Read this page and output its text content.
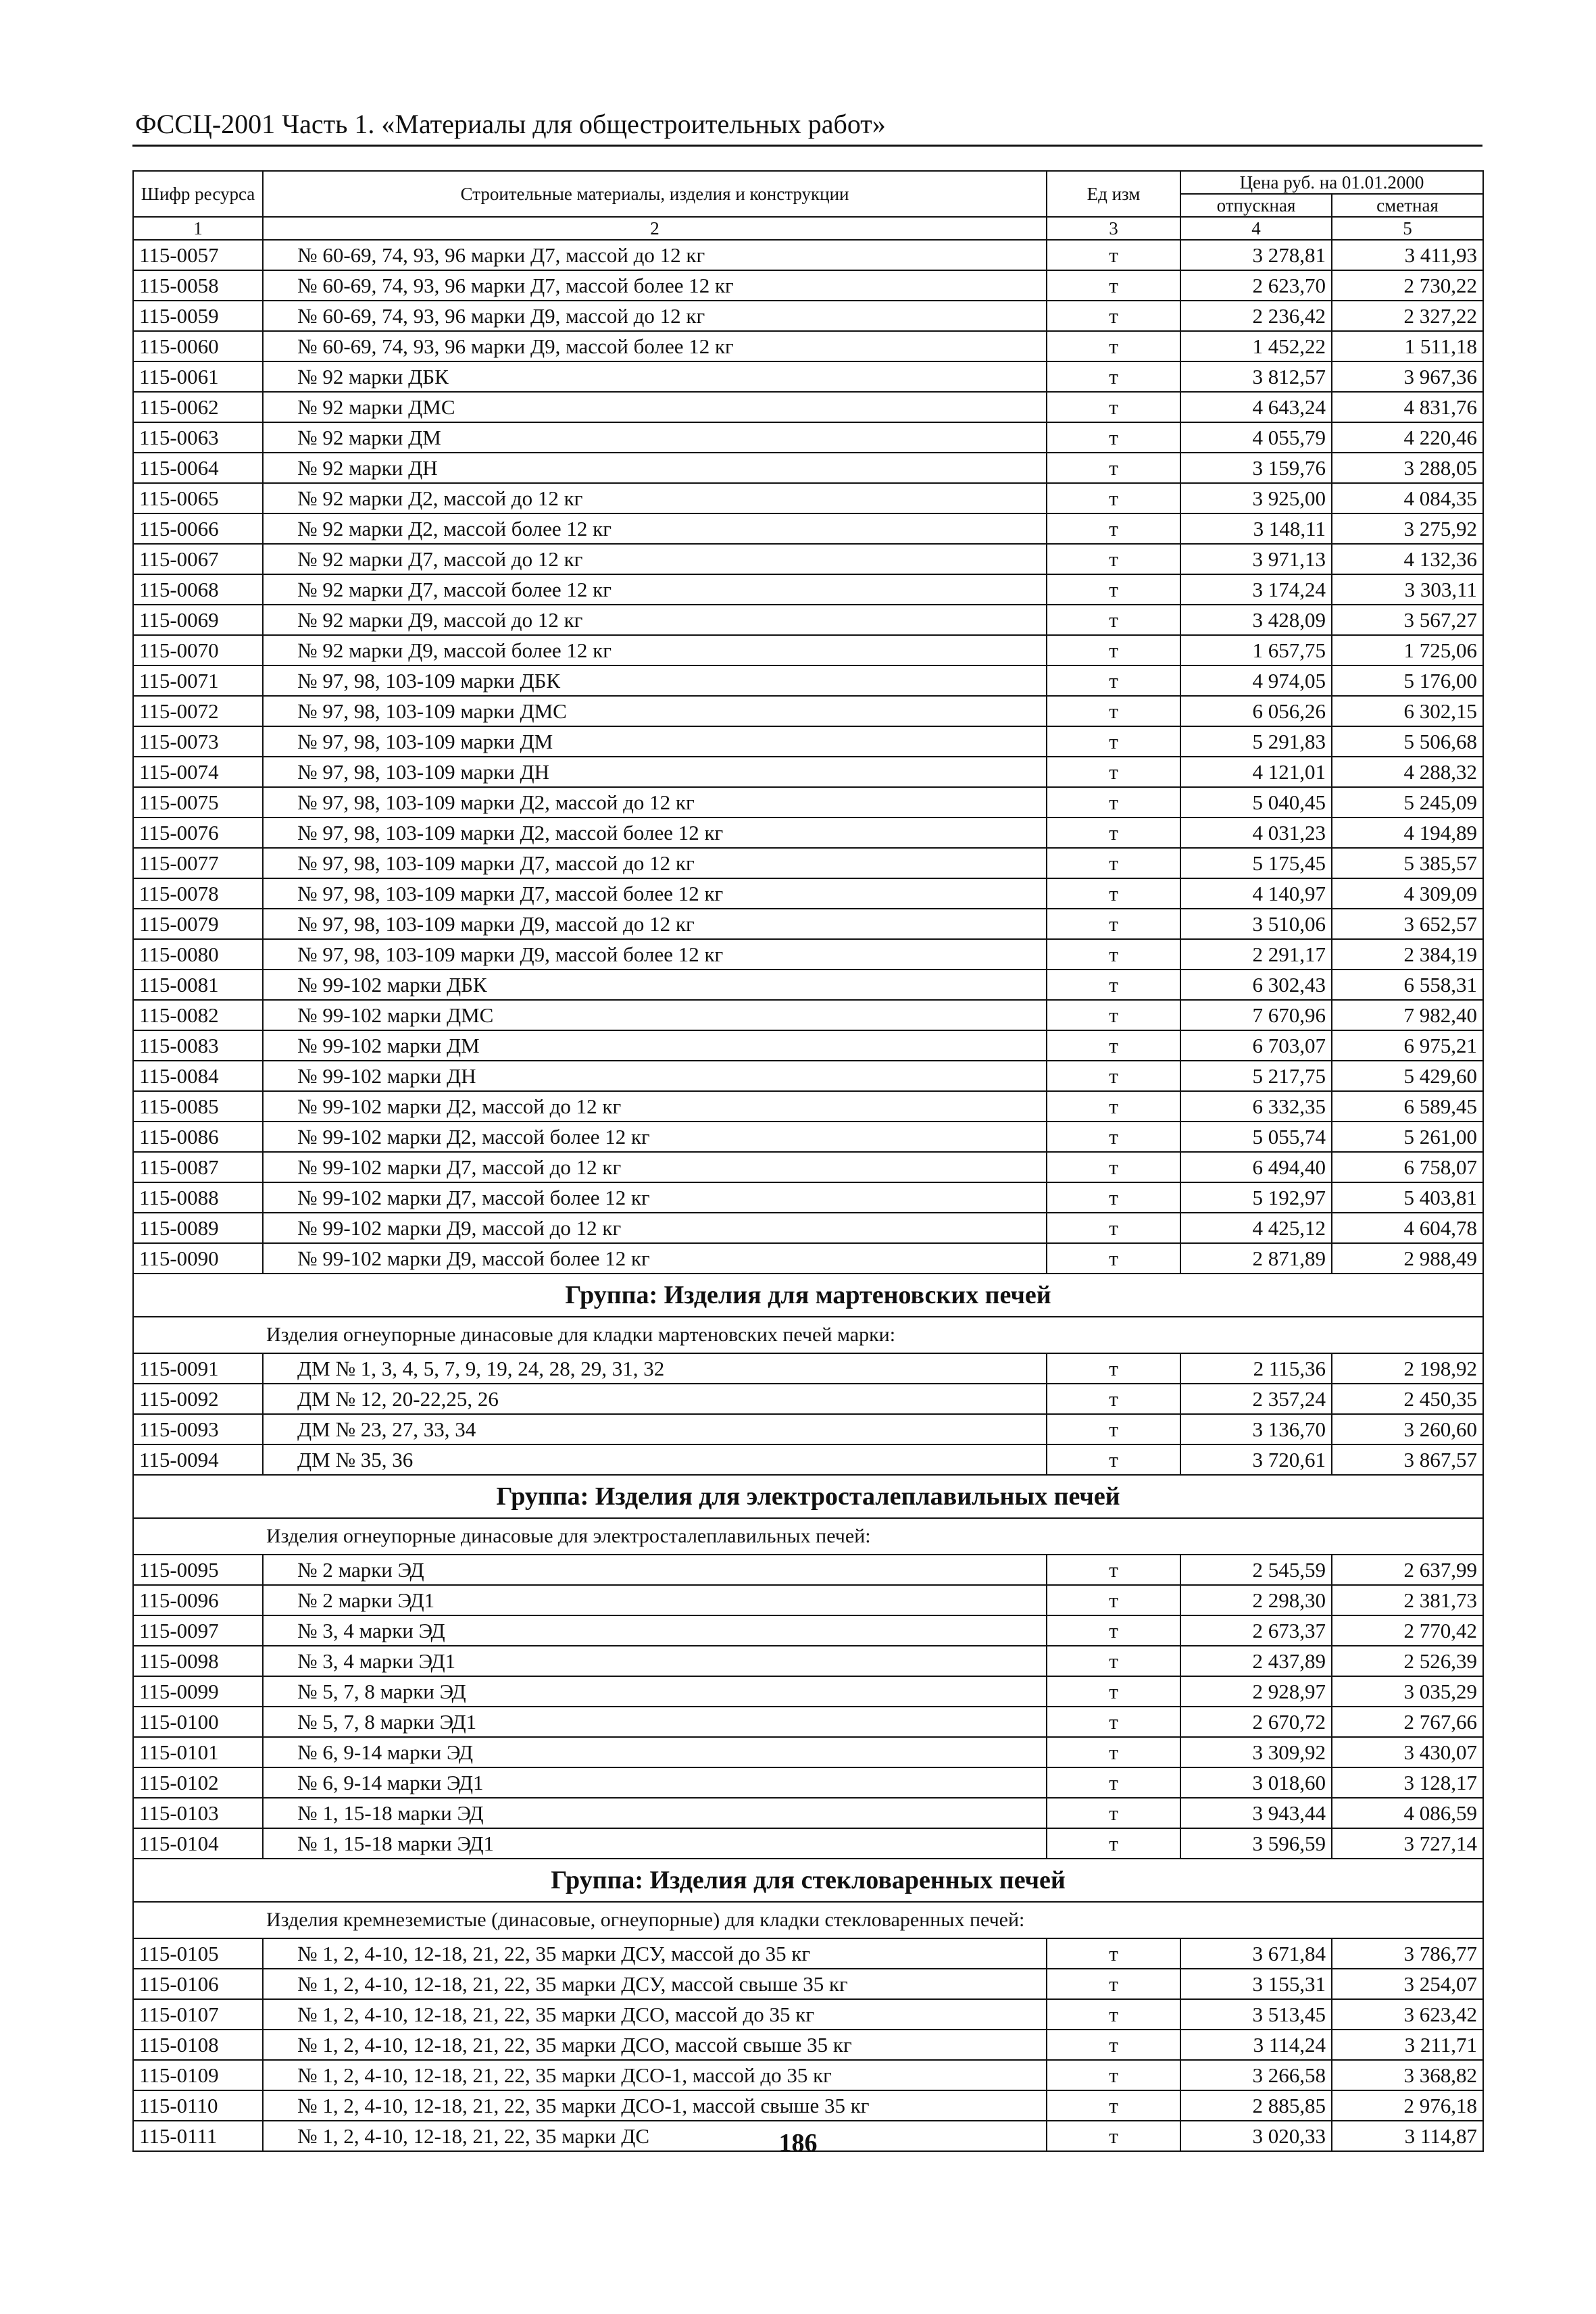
ФССЦ-2001 Часть 1. «Материалы для общестроительных работ»
Шифр ресурса	Строительные материалы, изделия и конструкции	Ед изм	Цена руб. на 01.01.2000	
			отпускная	сметная
1	2	3	4	5
115-0057	№ 60-69, 74, 93, 96 марки Д7, массой до 12 кг	т	3 278,81	3 411,93
115-0058	№ 60-69, 74, 93, 96 марки Д7, массой более 12 кг	т	2 623,70	2 730,22
115-0059	№ 60-69, 74, 93, 96 марки Д9, массой до 12 кг	т	2 236,42	2 327,22
115-0060	№ 60-69, 74, 93, 96 марки Д9, массой более 12 кг	т	1 452,22	1 511,18
115-0061	№ 92 марки ДБК	т	3 812,57	3 967,36
115-0062	№ 92 марки ДМС	т	4 643,24	4 831,76
115-0063	№ 92 марки ДМ	т	4 055,79	4 220,46
115-0064	№ 92 марки ДН	т	3 159,76	3 288,05
115-0065	№ 92 марки Д2, массой до 12 кг	т	3 925,00	4 084,35
115-0066	№ 92 марки Д2, массой более 12 кг	т	3 148,11	3 275,92
115-0067	№ 92 марки Д7, массой до 12 кг	т	3 971,13	4 132,36
115-0068	№ 92 марки Д7, массой более 12 кг	т	3 174,24	3 303,11
115-0069	№ 92 марки Д9, массой до 12 кг	т	3 428,09	3 567,27
115-0070	№ 92 марки Д9, массой более 12 кг	т	1 657,75	1 725,06
115-0071	№ 97, 98, 103-109 марки ДБК	т	4 974,05	5 176,00
115-0072	№ 97, 98, 103-109 марки ДМС	т	6 056,26	6 302,15
115-0073	№ 97, 98, 103-109 марки ДМ	т	5 291,83	5 506,68
115-0074	№ 97, 98, 103-109 марки ДН	т	4 121,01	4 288,32
115-0075	№ 97, 98, 103-109 марки Д2, массой до 12 кг	т	5 040,45	5 245,09
115-0076	№ 97, 98, 103-109 марки Д2, массой более 12 кг	т	4 031,23	4 194,89
115-0077	№ 97, 98, 103-109 марки Д7, массой до 12 кг	т	5 175,45	5 385,57
115-0078	№ 97, 98, 103-109 марки Д7, массой более 12 кг	т	4 140,97	4 309,09
115-0079	№ 97, 98, 103-109 марки Д9, массой до 12 кг	т	3 510,06	3 652,57
115-0080	№ 97, 98, 103-109 марки Д9, массой более 12 кг	т	2 291,17	2 384,19
115-0081	№ 99-102 марки ДБК	т	6 302,43	6 558,31
115-0082	№ 99-102 марки ДМС	т	7 670,96	7 982,40
115-0083	№ 99-102 марки ДМ	т	6 703,07	6 975,21
115-0084	№ 99-102 марки ДН	т	5 217,75	5 429,60
115-0085	№ 99-102 марки Д2, массой до 12 кг	т	6 332,35	6 589,45
115-0086	№ 99-102 марки Д2, массой более 12 кг	т	5 055,74	5 261,00
115-0087	№ 99-102 марки Д7, массой до 12 кг	т	6 494,40	6 758,07
115-0088	№ 99-102 марки Д7, массой более 12 кг	т	5 192,97	5 403,81
115-0089	№ 99-102 марки Д9, массой до 12 кг	т	4 425,12	4 604,78
115-0090	№ 99-102 марки Д9, массой более 12 кг	т	2 871,89	2 988,49
Группа: Изделия для мартеновских печей				
Изделия огнеупорные динасовые для кладки мартеновских печей марки:				
115-0091	ДМ № 1, 3, 4, 5, 7, 9, 19, 24, 28, 29, 31, 32	т	2 115,36	2 198,92
115-0092	ДМ № 12, 20-22,25, 26	т	2 357,24	2 450,35
115-0093	ДМ № 23, 27, 33, 34	т	3 136,70	3 260,60
115-0094	ДМ № 35, 36	т	3 720,61	3 867,57
Группа: Изделия для электросталеплавильных печей				
Изделия огнеупорные динасовые для электросталеплавильных печей:				
115-0095	№ 2 марки ЭД	т	2 545,59	2 637,99
115-0096	№ 2 марки ЭД1	т	2 298,30	2 381,73
115-0097	№ 3, 4 марки ЭД	т	2 673,37	2 770,42
115-0098	№ 3, 4 марки ЭД1	т	2 437,89	2 526,39
115-0099	№ 5, 7, 8 марки ЭД	т	2 928,97	3 035,29
115-0100	№ 5, 7, 8 марки ЭД1	т	2 670,72	2 767,66
115-0101	№ 6, 9-14 марки ЭД	т	3 309,92	3 430,07
115-0102	№ 6, 9-14 марки ЭД1	т	3 018,60	3 128,17
115-0103	№ 1, 15-18 марки ЭД	т	3 943,44	4 086,59
115-0104	№ 1, 15-18 марки ЭД1	т	3 596,59	3 727,14
Группа: Изделия для стекловаренных печей				
Изделия кремнеземистые (динасовые, огнеупорные) для кладки стекловаренных печей:				
115-0105	№ 1, 2, 4-10, 12-18, 21, 22, 35 марки ДСУ, массой до 35 кг	т	3 671,84	3 786,77
115-0106	№ 1, 2, 4-10, 12-18, 21, 22, 35 марки ДСУ, массой свыше 35 кг	т	3 155,31	3 254,07
115-0107	№ 1, 2, 4-10, 12-18, 21, 22, 35 марки ДСО, массой до 35 кг	т	3 513,45	3 623,42
115-0108	№ 1, 2, 4-10, 12-18, 21, 22, 35 марки ДСО, массой свыше 35 кг	т	3 114,24	3 211,71
115-0109	№ 1, 2, 4-10, 12-18, 21, 22, 35 марки ДСО-1, массой до 35 кг	т	3 266,58	3 368,82
115-0110	№ 1, 2, 4-10, 12-18, 21, 22, 35 марки ДСО-1, массой свыше 35 кг	т	2 885,85	2 976,18
115-0111	№ 1, 2, 4-10, 12-18, 21, 22, 35 марки ДС	т	3 020,33	3 114,87
186
